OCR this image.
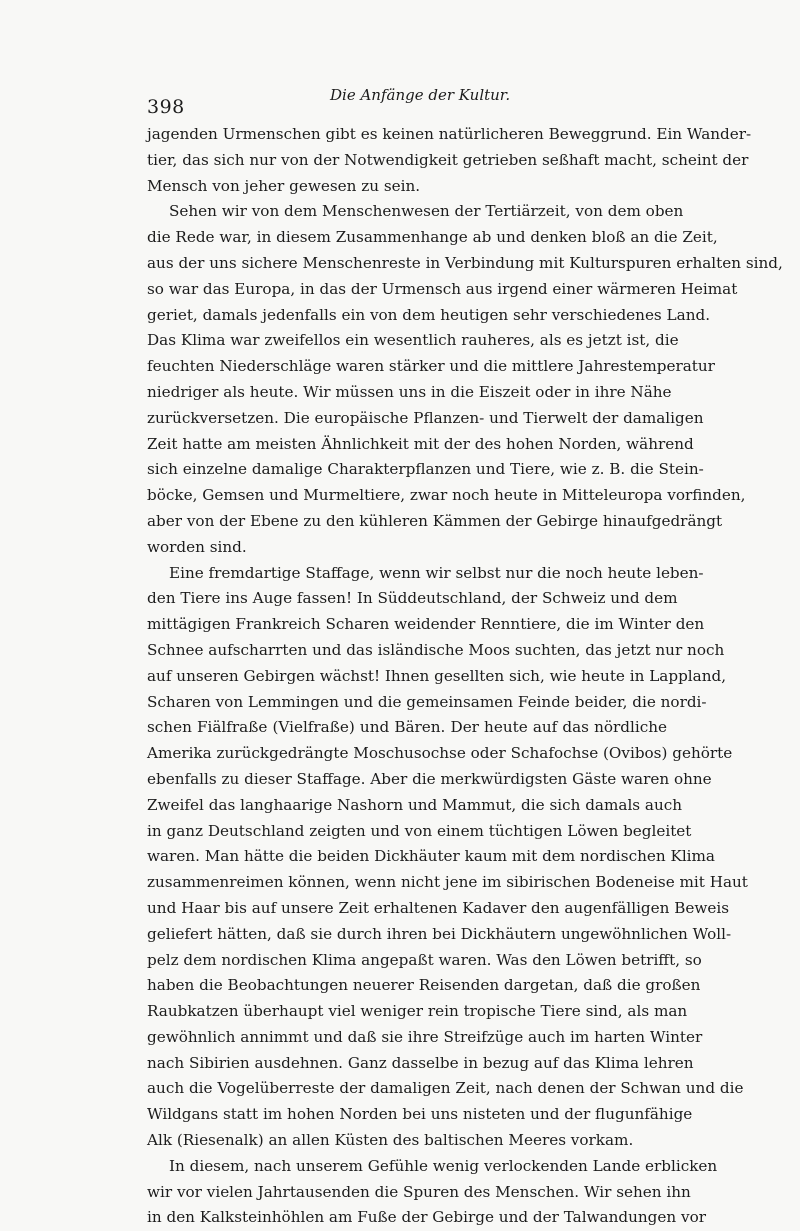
398
Die Anfänge der Kultur.
jagenden Urmenschen gibt es keinen natürlicheren Beweggrund. Ein Wander-
tier, das sich nur von der Notwendigkeit getrieben seßhaft macht, scheint der
Mensch von jeher gewesen zu sein.
Sehen wir von dem Menschenwesen der Tertiärzeit, von dem oben
die Rede war, in diesem Zusammenhange ab und denken bloß an die Zeit,
aus der uns sichere Menschenreste in Verbindung mit Kulturspuren erhalten sind,
so war das Europa, in das der Urmensch aus irgend einer wärmeren Heimat
geriet, damals jedenfalls ein von dem heutigen sehr verschiedenes Land.
Das Klima war zweifellos ein wesentlich rauheres, als es jetzt ist, die
feuchten Niederschläge waren stärker und die mittlere Jahrestemperatur
niedriger als heute. Wir müssen uns in die Eiszeit oder in ihre Nähe
zurückversetzen. Die europäische Pflanzen- und Tierwelt der damaligen
Zeit hatte am meisten Ähnlichkeit mit der des hohen Norden, während
sich einzelne damalige Charakterpflanzen und Tiere, wie z. B. die Stein-
böcke, Gemsen und Murmeltiere, zwar noch heute in Mitteleuropa vorfinden,
aber von der Ebene zu den kühleren Kämmen der Gebirge hinaufgedrängt
worden sind.
Eine fremdartige Staffage, wenn wir selbst nur die noch heute leben-
den Tiere ins Auge fassen! In Süddeutschland, der Schweiz und dem
mittägigen Frankreich Scharen weidender Renntiere, die im Winter den
Schnee aufscharrten und das isländische Moos suchten, das jetzt nur noch
auf unseren Gebirgen wächst! Ihnen gesellten sich, wie heute in Lappland,
Scharen von Lemmingen und die gemeinsamen Feinde beider, die nordi-
schen Fiälfraße (Vielfraße) und Bären. Der heute auf das nördliche
Amerika zurückgedrängte Moschusochse oder Schafochse (Ovibos) gehörte
ebenfalls zu dieser Staffage. Aber die merkwürdigsten Gäste waren ohne
Zweifel das langhaarige Nashorn und Mammut, die sich damals auch
in ganz Deutschland zeigten und von einem tüchtigen Löwen begleitet
waren. Man hätte die beiden Dickhäuter kaum mit dem nordischen Klima
zusammenreimen können, wenn nicht jene im sibirischen Bodeneise mit Haut
und Haar bis auf unsere Zeit erhaltenen Kadaver den augenfälligen Beweis
geliefert hätten, daß sie durch ihren bei Dickhäutern ungewöhnlichen Woll-
pelz dem nordischen Klima angepaßt waren. Was den Löwen betrifft, so
haben die Beobachtungen neuerer Reisenden dargetan, daß die großen
Raubkatzen überhaupt viel weniger rein tropische Tiere sind, als man
gewöhnlich annimmt und daß sie ihre Streifzüge auch im harten Winter
nach Sibirien ausdehnen. Ganz dasselbe in bezug auf das Klima lehren
auch die Vogelüberreste der damaligen Zeit, nach denen der Schwan und die
Wildgans statt im hohen Norden bei uns nisteten und der flugunfähige
Alk (Riesenalk) an allen Küsten des baltischen Meeres vorkam.
In diesem, nach unserem Gefühle wenig verlockenden Lande erblicken
wir vor vielen Jahrtausenden die Spuren des Menschen. Wir sehen ihn
in den Kalksteinhöhlen am Fuße der Gebirge und der Talwandungen vor
